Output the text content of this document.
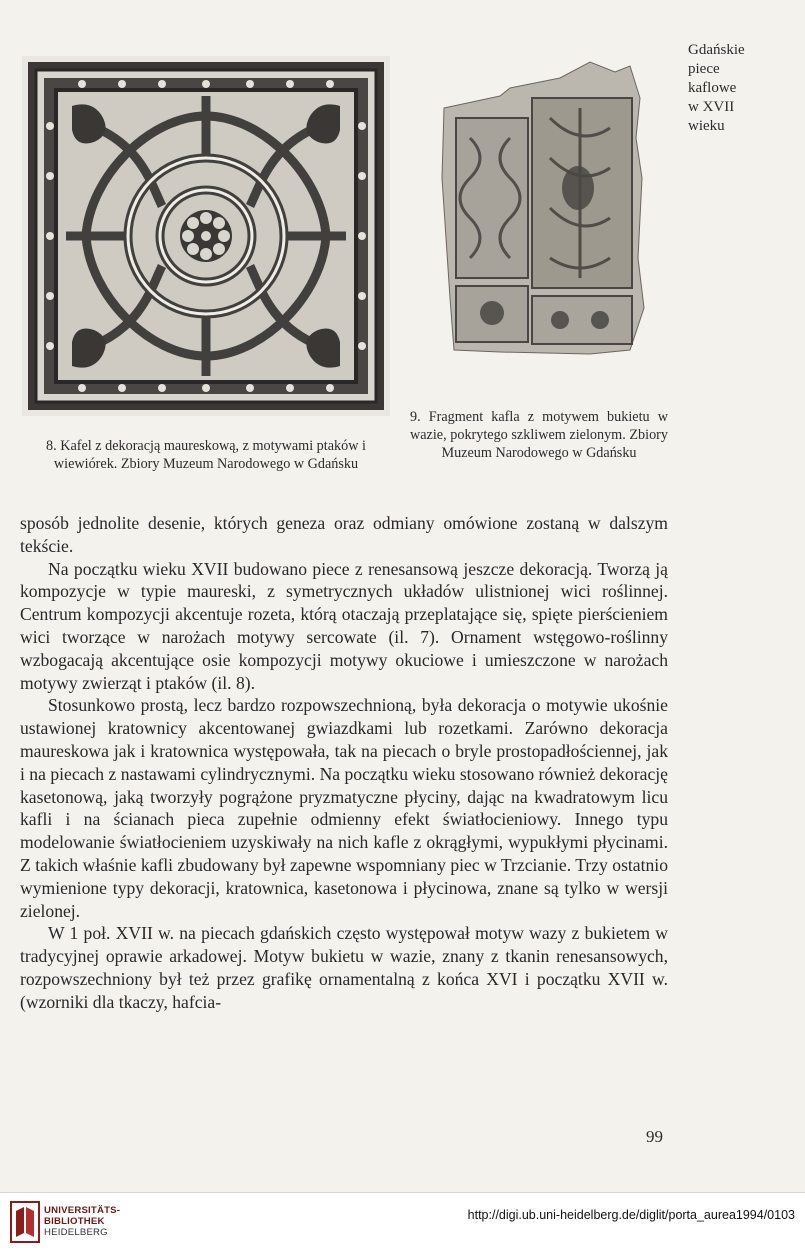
Gdańskie
piece
kaflowe
w XVII
wieku
8. Kafel z dekoracją maureskową, z motywami ptaków i wiewiórek. Zbiory Muzeum Narodowego w Gdańsku
9. Fragment kafla z motywem bukietu w wazie, pokrytego szkliwem zielonym. Zbiory Muzeum Narodowego w Gdańsku

sposób jednolite desenie, których geneza oraz odmiany omówione zostaną w dalszym tekście.

Na początku wieku XVII budowano piece z renesansową jeszcze dekoracją. Tworzą ją kompozycje w typie maureski, z symetrycznych układów ulistnionej wici roślinnej. Centrum kompozycji akcentuje rozeta, którą otaczają przeplatające się, spięte pierścieniem wici tworzące w narożach motywy sercowate (il. 7). Ornament wstęgowo-roślinny wzbogacają akcentujące osie kompozycji motywy okuciowe i umieszczone w narożach motywy zwierząt i ptaków (il. 8).

Stosunkowo prostą, lecz bardzo rozpowszechnioną, była dekoracja o motywie ukośnie ustawionej kratownicy akcentowanej gwiazdkami lub rozetkami. Zarówno dekoracja maureskowa jak i kratownica występowała, tak na piecach o bryle prostopadłościennej, jak i na piecach z nastawami cylindrycznymi. Na początku wieku stosowano również dekorację kasetonową, jaką tworzyły pogrążone pryzmatyczne płyciny, dając na kwadratowym licu kafli i na ścianach pieca zupełnie odmienny efekt światłocieniowy. Innego typu modelowanie światłocieniem uzyskiwały na nich kafle z okrągłymi, wypukłymi płycinami. Z takich właśnie kafli zbudowany był zapewne wspomniany piec w Trzcianie. Trzy ostatnio wymienione typy dekoracji, kratownica, kasetonowa i płycinowa, znane są tylko w wersji zielonej.

W 1 poł. XVII w. na piecach gdańskich często występował motyw wazy z bukietem w tradycyjnej oprawie arkadowej. Motyw bukietu w wazie, znany z tkanin renesansowych, rozpowszechniony był też przez grafikę ornamentalną z końca XVI i początku XVII w. (wzorniki dla tkaczy, hafcia-

99
UNIVERSITÄTS-
BIBLIOTHEK
HEIDELBERG
http://digi.ub.uni-heidelberg.de/diglit/porta_aurea1994/0103
